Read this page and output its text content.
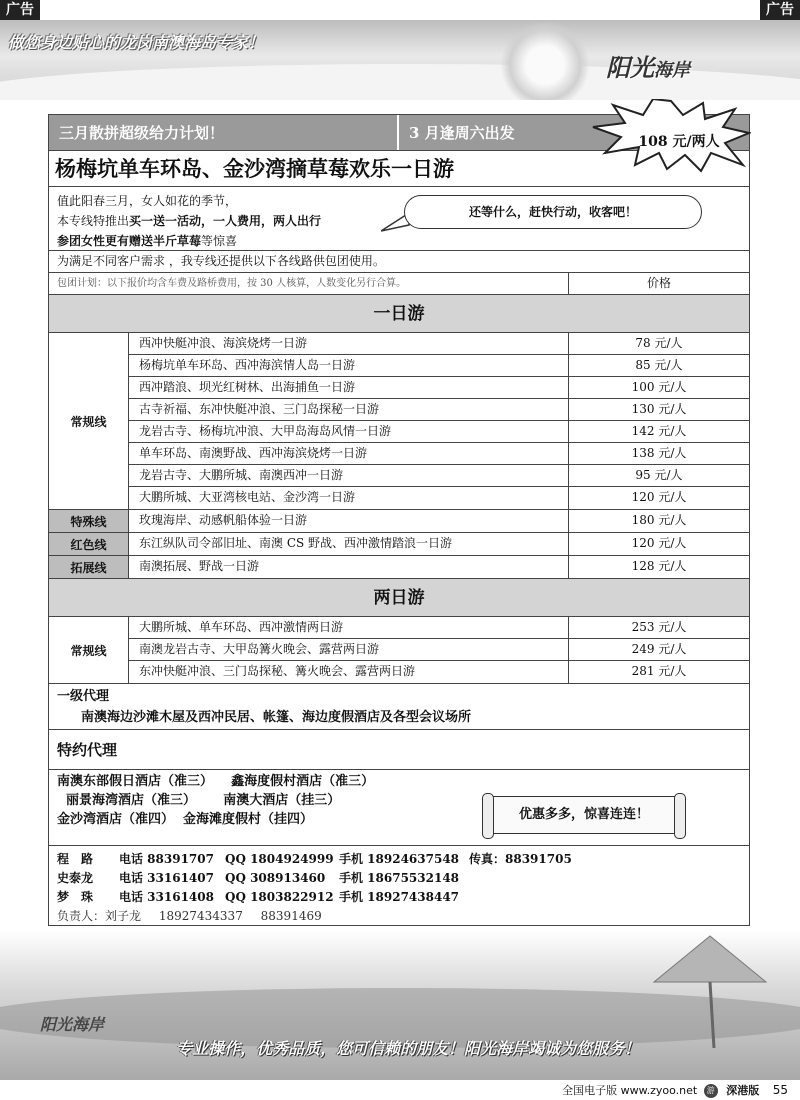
广告	广告
做您身边贴心的龙岗南澳海岛专家！
阳光海岸
三月散拼超级给力计划！	3 月逢周六出发	108 元/两人
杨梅坑单车环岛、金沙湾摘草莓欢乐一日游
值此阳春三月，女人如花的季节，
本专线特推出买一送一活动，一人费用，两人出行
参团女性更有赠送半斤草莓等惊喜
还等什么，赶快行动，收客吧！
为满足不同客户需求 ，我专线还提供以下各线路供包团使用。
包团计划：以下报价均含车费及路桥费用，按 30 人核算，人数变化另行合算。	价格
一日游
常规线
西冲快艇冲浪、海滨烧烤一日游	78 元/人
杨梅坑单车环岛、西冲海滨情人岛一日游	85 元/人
西冲踏浪、坝光红树林、出海捕鱼一日游	100 元/人
古寺祈福、东冲快艇冲浪、三门岛探秘一日游	130 元/人
龙岩古寺、杨梅坑冲浪、大甲岛海岛风情一日游	142 元/人
单车环岛、南澳野战、西冲海滨烧烤一日游	138 元/人
龙岩古寺、大鹏所城、南澳西冲一日游	95 元/人
大鹏所城、大亚湾核电站、金沙湾一日游	120 元/人
特殊线	玫瑰海岸、动感帆船体验一日游	180 元/人
红色线	东江纵队司令部旧址、南澳 CS 野战、西冲激情踏浪一日游	120 元/人
拓展线	南澳拓展、野战一日游	128 元/人
两日游
常规线
大鹏所城、单车环岛、西冲激情两日游	253 元/人
南澳龙岩古寺、大甲岛篝火晚会、露营两日游	249 元/人
东冲快艇冲浪、三门岛探秘、篝火晚会、露营两日游	281 元/人
一级代理
南澳海边沙滩木屋及西冲民居、帐篷、海边度假酒店及各型会议场所
特约代理
南澳东部假日酒店（准三）    鑫海度假村酒店（准三）
丽景海湾酒店（准三）      南澳大酒店（挂三）
金沙湾酒店（准四）  金海滩度假村（挂四）	优惠多多，惊喜连连！
程　路	电话 88391707 QQ 1804924999 手机 18924637548 传真：88391705
史泰龙	电话 33161407 QQ 308913460	手机 18675532148
梦　珠	电话 33161408 QQ 1803822912 手机 18927438447
负责人：刘子龙 18927434337 88391469
阳光海岸
专业操作，优秀品质，您可信赖的朋友！阳光海岸竭诚为您服务！
全国电子版 www.zyoo.net 游 深港版 55
